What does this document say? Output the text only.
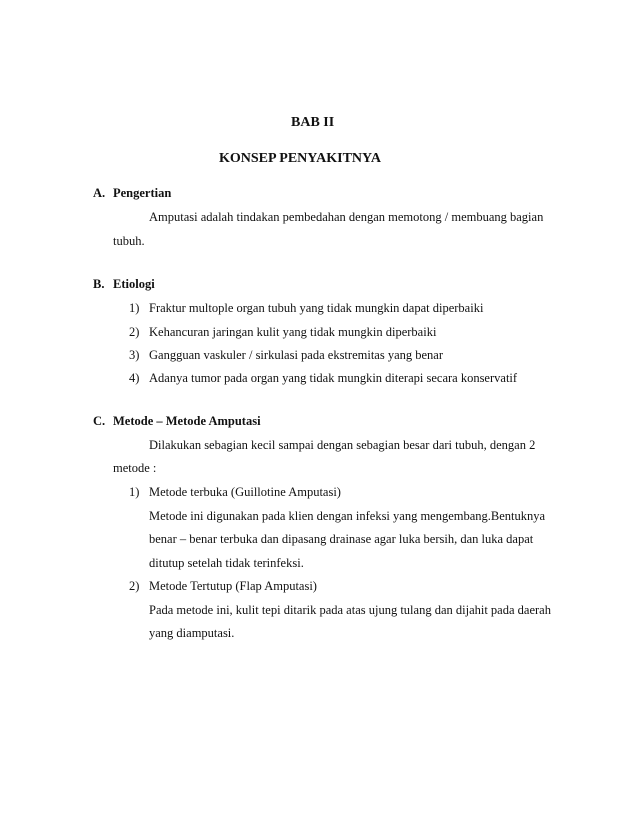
BAB II
KONSEP PENYAKITNYA
A. Pengertian
Amputasi adalah tindakan pembedahan dengan memotong / membuang bagian
tubuh.
B. Etiologi
1) Fraktur multople organ tubuh yang tidak mungkin dapat diperbaiki
2) Kehancuran jaringan kulit yang tidak mungkin diperbaiki
3) Gangguan vaskuler / sirkulasi pada ekstremitas yang benar
4) Adanya tumor pada organ yang tidak mungkin diterapi secara konservatif
C. Metode – Metode Amputasi
Dilakukan sebagian kecil sampai dengan sebagian besar dari tubuh, dengan 2
metode :
1) Metode terbuka (Guillotine Amputasi)
Metode ini digunakan pada klien dengan infeksi yang mengembang.Bentuknya
benar – benar terbuka dan dipasang drainase agar luka bersih, dan luka dapat
ditutup setelah tidak terinfeksi.
2) Metode Tertutup (Flap Amputasi)
Pada metode ini, kulit tepi ditarik pada atas ujung tulang dan dijahit pada daerah
yang diamputasi.
